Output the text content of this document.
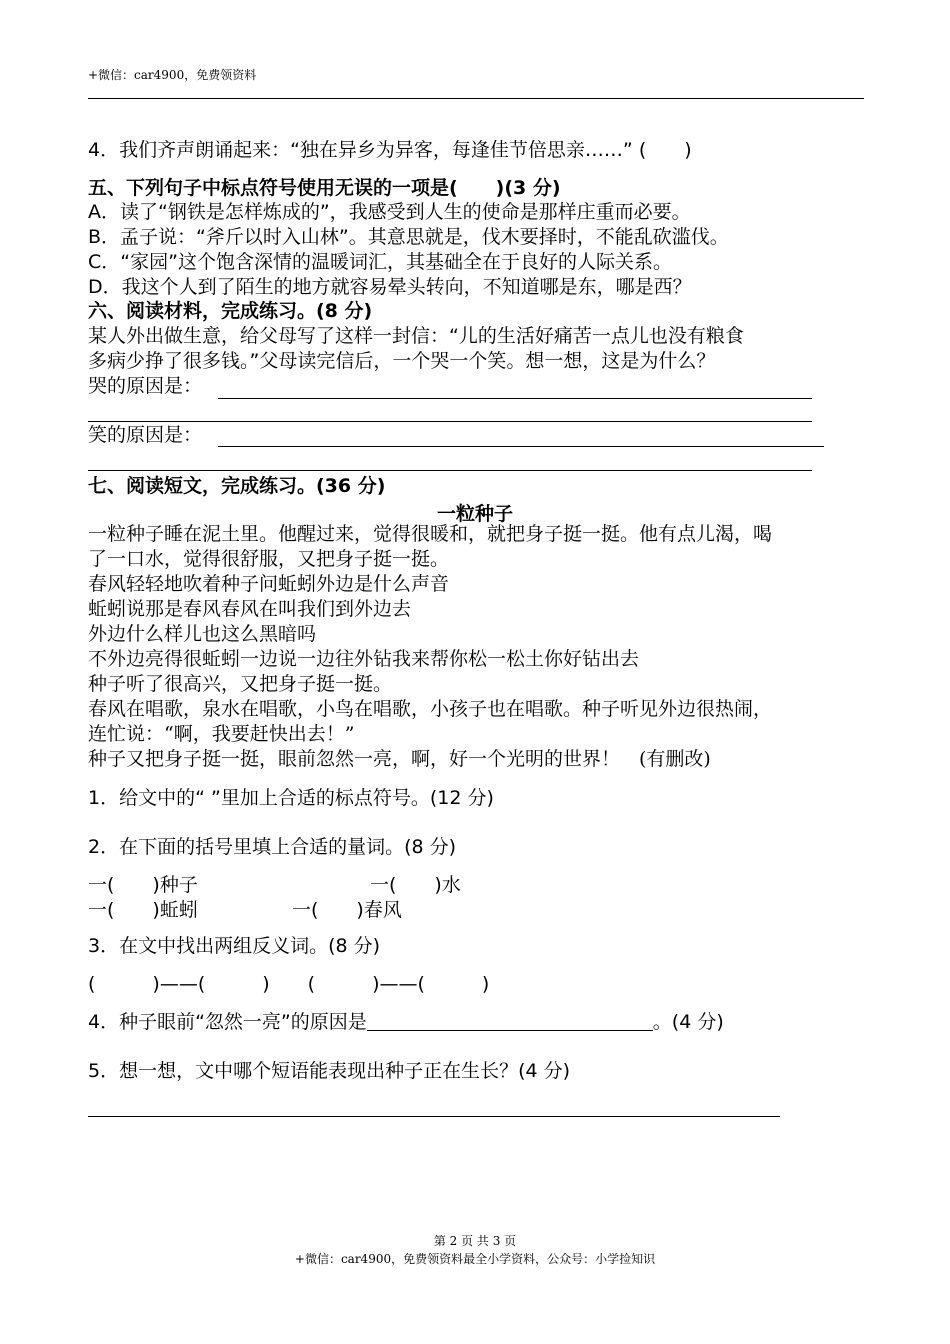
+微信：car4900，免费领资料
4．我们齐声朗诵起来：“独在异乡为异客，每逢佳节倍思亲……” (　　)
五、下列句子中标点符号使用无误的一项是(　　)(3 分)
A．读了“钢铁是怎样炼成的”，我感受到人生的使命是那样庄重而必要。
B．孟子说：“斧斤以时入山林”。其意思就是，伐木要择时，不能乱砍滥伐。
C．“家园”这个饱含深情的温暖词汇，其基础全在于良好的人际关系。
D．我这个人到了陌生的地方就容易晕头转向，不知道哪是东，哪是西？
六、阅读材料，完成练习。(8 分)
某人外出做生意，给父母写了这样一封信：“儿的生活好痛苦一点儿也没有粮食
多病少挣了很多钱。”父母读完信后，一个哭一个笑。想一想，这是为什么？
哭的原因是：
笑的原因是：
七、阅读短文，完成练习。(36 分)
一粒种子
一粒种子睡在泥土里。他醒过来，觉得很暖和，就把身子挺一挺。他有点儿渴，喝
了一口水，觉得很舒服，又把身子挺一挺。
春风轻轻地吹着种子问蚯蚓外边是什么声音
蚯蚓说那是春风春风在叫我们到外边去
外边什么样儿也这么黑暗吗
不外边亮得很蚯蚓一边说一边往外钻我来帮你松一松土你好钻出去
种子听了很高兴，又把身子挺一挺。
春风在唱歌，泉水在唱歌，小鸟在唱歌，小孩子也在唱歌。种子听见外边很热闹，
连忙说：“啊，我要赶快出去！”
种子又把身子挺一挺，眼前忽然一亮，啊，好一个光明的世界！　(有删改)
1．给文中的“ ”里加上合适的标点符号。(12 分)
2．在下面的括号里填上合适的量词。(8 分)
一(　　)种子	一(　　)水
一(　　)蚯蚓	一(　　)春风
3．在文中找出两组反义词。(8 分)
(　　　)——(　　　)　　(　　　)——(　　　)
4．种子眼前“忽然一亮”的原因是	。(4 分)
5．想一想，文中哪个短语能表现出种子正在生长？(4 分)
第 2 页 共 3 页
+微信：car4900，免费领资料最全小学资料，公众号：小学捡知识
